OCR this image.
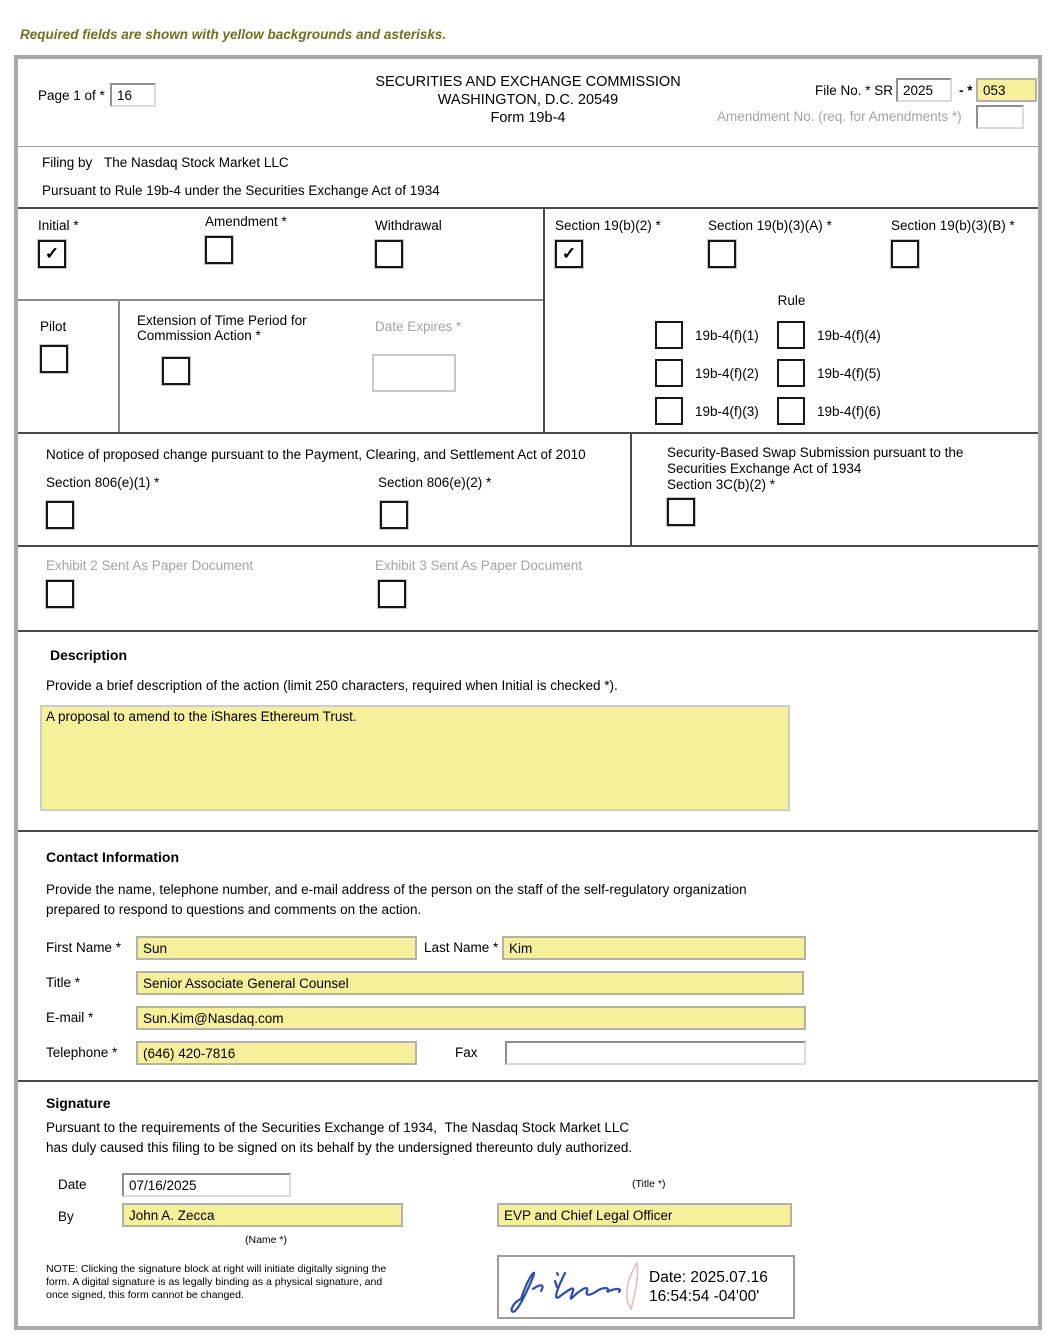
Required fields are shown with yellow backgrounds and asterisks.
Page 1 of *
16
SECURITIES AND EXCHANGE COMMISSION
WASHINGTON, D.C. 20549
Form 19b-4
File No. * SR
2025	- *
053
Amendment No. (req. for Amendments *)
Filing by The Nasdaq Stock Market LLC
Pursuant to Rule 19b-4 under the Securities Exchange Act of 1934
Initial *
✓
Amendment *	Withdrawal
Pilot	Extension of Time Period for
Commission Action *
Date Expires *
Section 19(b)(2) *
✓
Section 19(b)(3)(A) *	Section 19(b)(3)(B) *
Rule
19b-4(f)(1)
19b-4(f)(2)
19b-4(f)(3)
19b-4(f)(4)
19b-4(f)(5)
19b-4(f)(6)
Notice of proposed change pursuant to the Payment, Clearing, and Settlement Act of 2010
Section 806(e)(1) *	Section 806(e)(2) *
Security-Based Swap Submission pursuant to the
Securities Exchange Act of 1934
Section 3C(b)(2) *
Exhibit 2 Sent As Paper Document	Exhibit 3 Sent As Paper Document
Description
Provide a brief description of the action (limit 250 characters, required when Initial is checked *).
A proposal to amend to the iShares Ethereum Trust.
Contact Information
Provide the name, telephone number, and e-mail address of the person on the staff of the self-regulatory organization
prepared to respond to questions and comments on the action.
First Name *
Sun	Last Name *
Kim
Title *
Senior Associate General Counsel
E-mail *
Sun.Kim@Nasdaq.com
Telephone *
(646) 420-7816	Fax
Signature
Pursuant to the requirements of the Securities Exchange of 1934, The Nasdaq Stock Market LLC
has duly caused this filing to be signed on its behalf by the undersigned thereunto duly authorized.
Date
07/16/2025	(Title *)
By
John A. Zecca
EVP and Chief Legal Officer
(Name *)
NOTE: Clicking the signature block at right will initiate digitally signing the
form. A digital signature is as legally binding as a physical signature, and
once signed, this form cannot be changed.
Date: 2025.07.16
16:54:54 -04'00'
